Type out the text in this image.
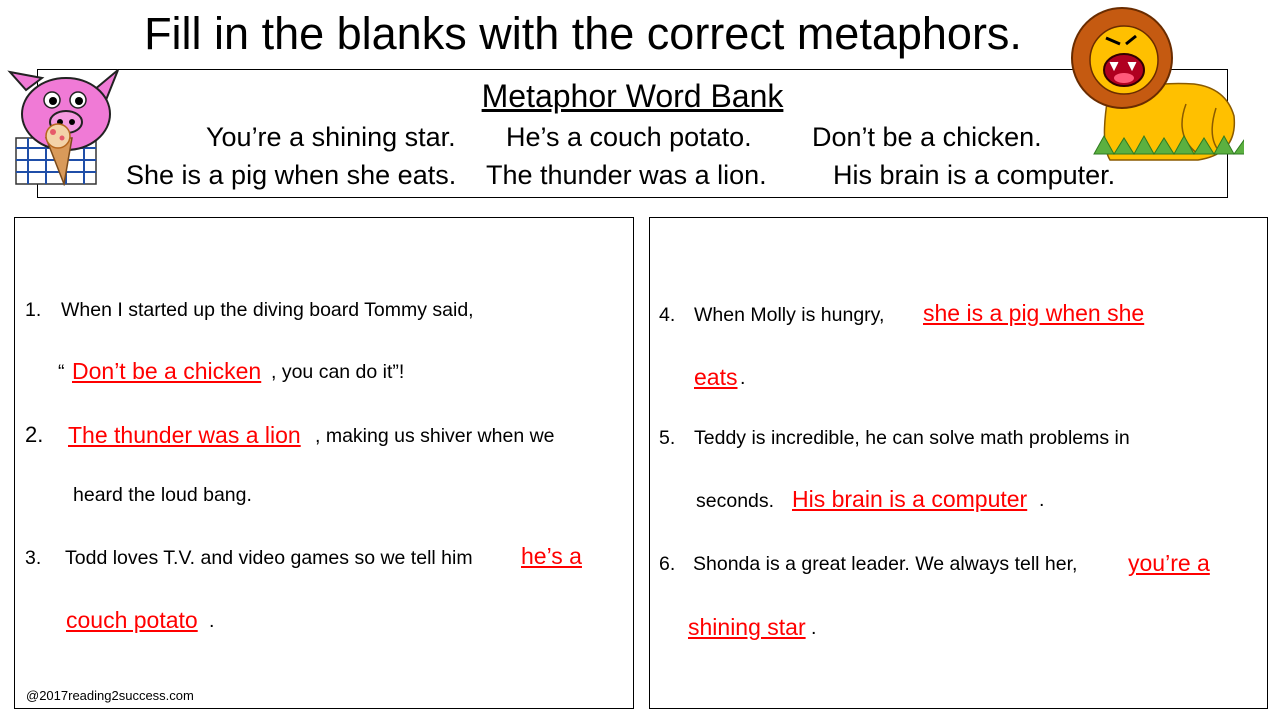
Fill in the blanks with the correct metaphors.
Metaphor Word Bank
You’re a shining star. He’s a couch potato. Don’t be a chicken.
She is a pig when she eats. The thunder was a lion. His brain is a computer.
1. When I started up the diving board Tommy said,
“ Don’t be a chicken , you can do it”!
2. The thunder was a lion , making us shiver when we
heard the loud bang.
3. Todd loves T.V. and video games so we tell him he’s a
couch potato .
@2017reading2success.com
4. When Molly is hungry, she is a pig when she
eats .
5. Teddy is incredible, he can solve math problems in
seconds. His brain is a computer .
6. Shonda is a great leader. We always tell her, you’re a
shining star .
